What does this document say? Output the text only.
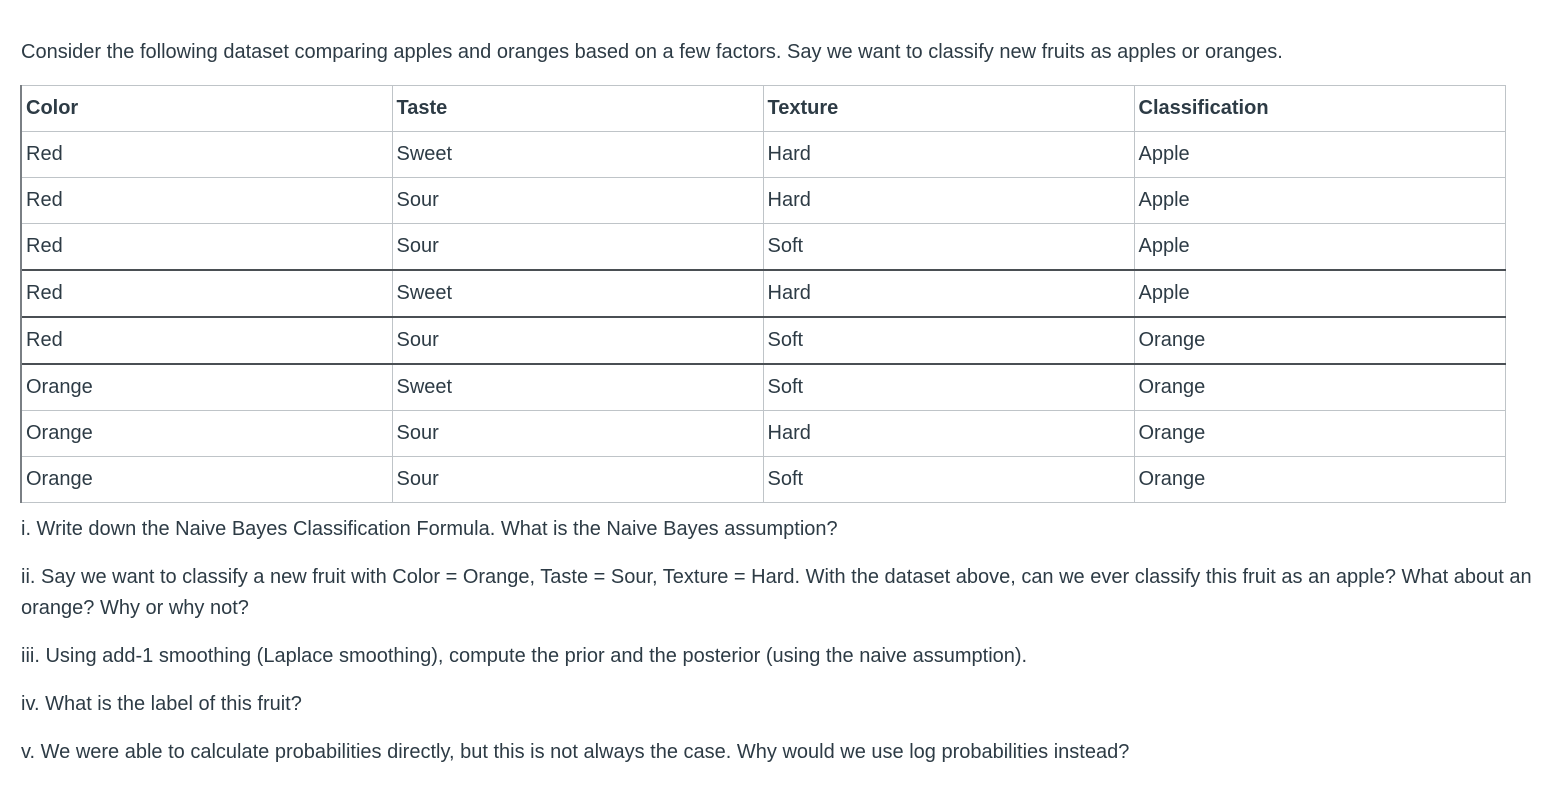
Consider the following dataset comparing apples and oranges based on a few factors. Say we want to classify new fruits as apples or oranges.
Color	Taste	Texture	Classification
Red	Sweet	Hard	Apple
Red	Sour	Hard	Apple
Red	Sour	Soft	Apple
Red	Sweet	Hard	Apple
Red	Sour	Soft	Orange
Orange	Sweet	Soft	Orange
Orange	Sour	Hard	Orange
Orange	Sour	Soft	Orange

i. Write down the Naive Bayes Classification Formula. What is the Naive Bayes assumption?

ii. Say we want to classify a new fruit with Color = Orange, Taste = Sour, Texture = Hard. With the dataset above, can we ever classify this fruit as an apple? What about an orange? Why or why not?

iii. Using add-1 smoothing (Laplace smoothing), compute the prior and the posterior (using the naive assumption).

iv. What is the label of this fruit?

v. We were able to calculate probabilities directly, but this is not always the case. Why would we use log probabilities instead?
